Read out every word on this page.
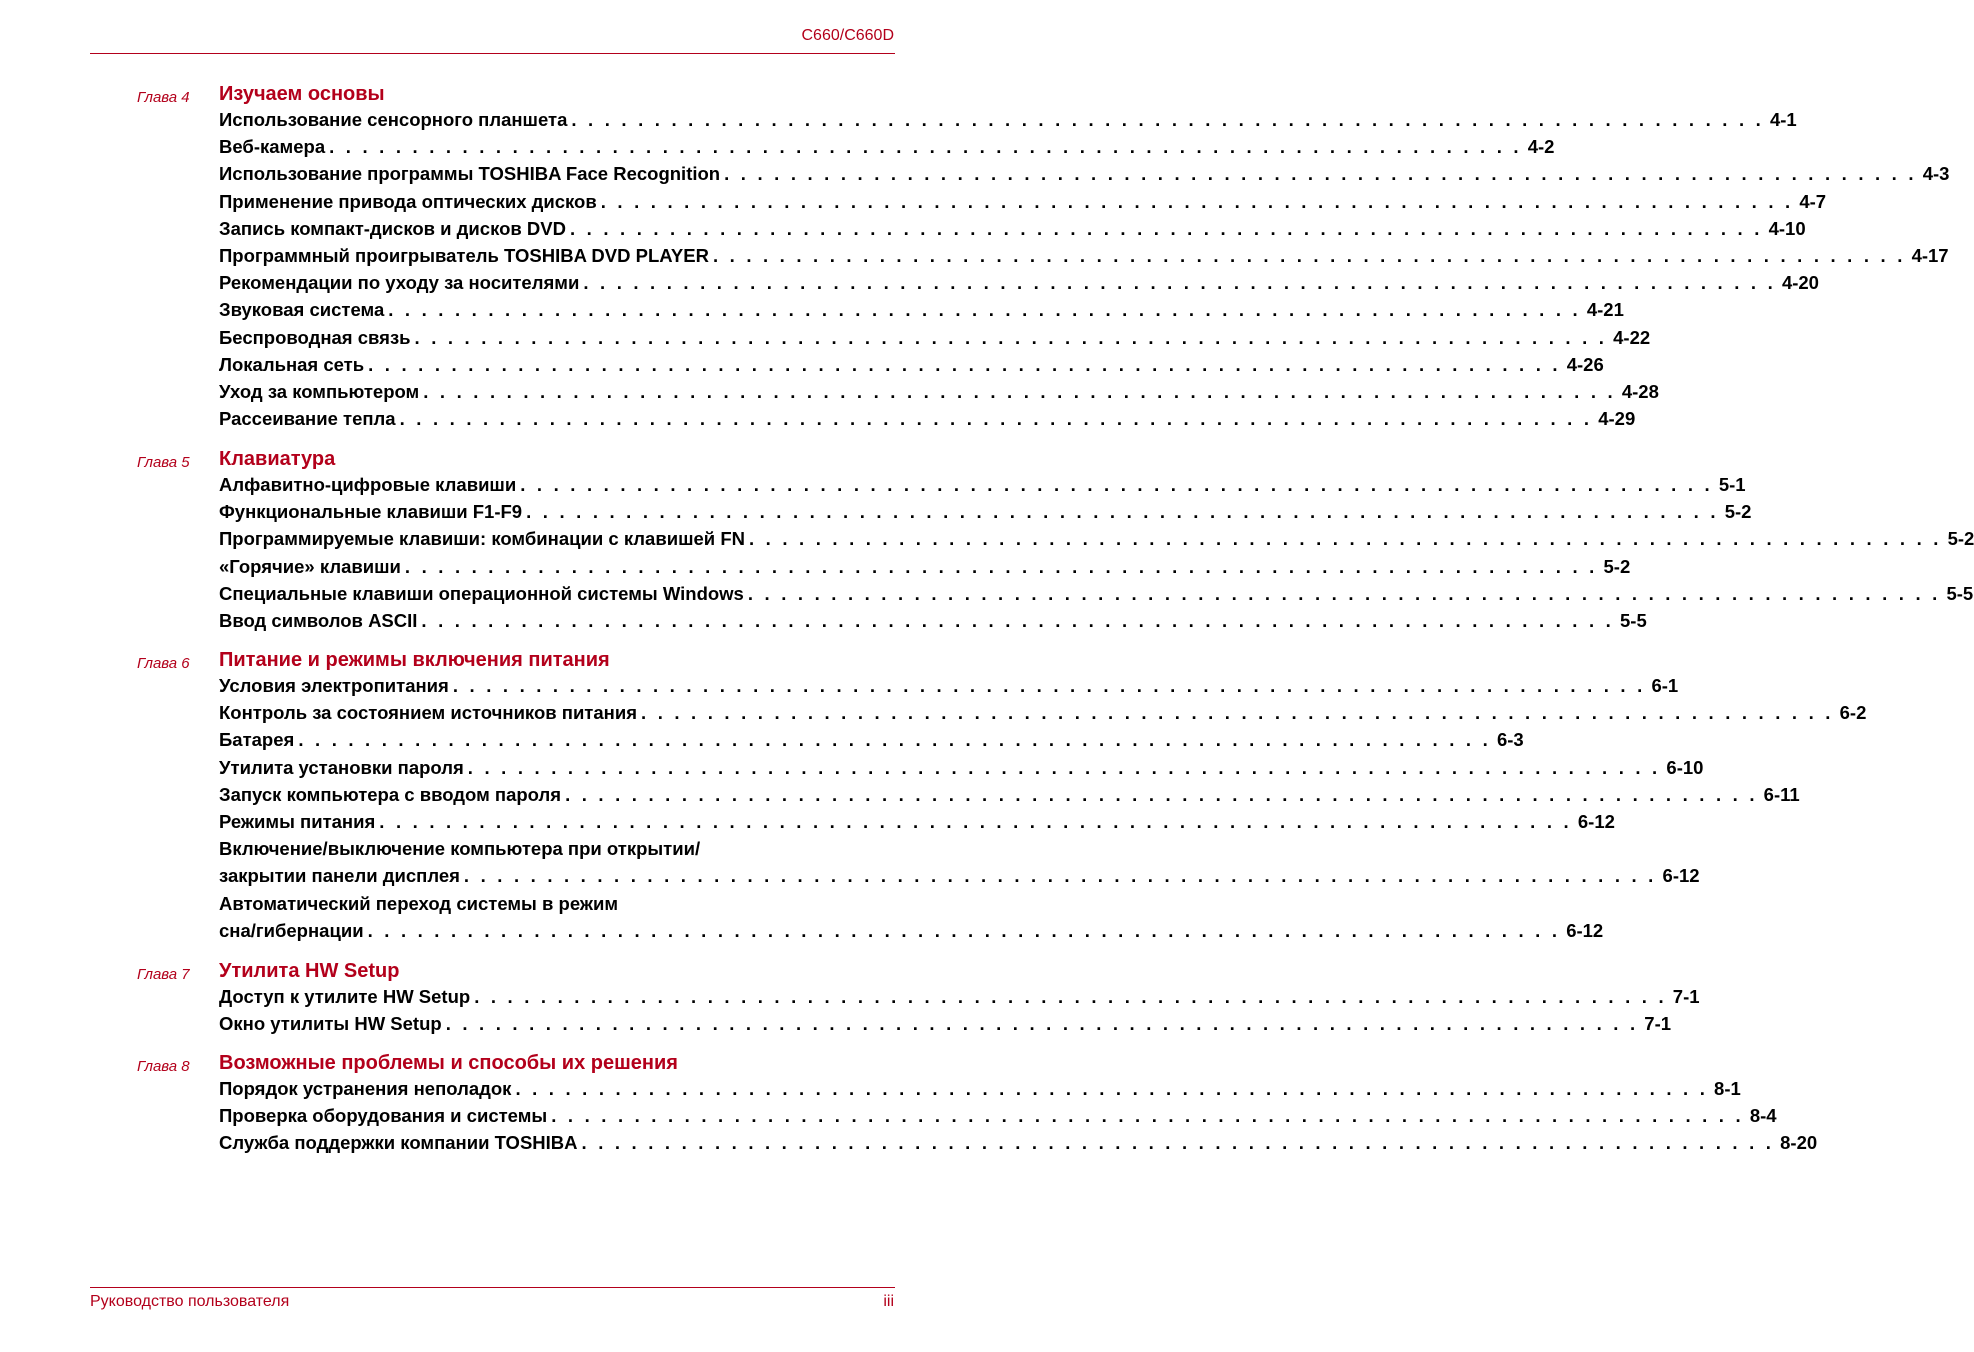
C660/C660D
Глава 4 Изучаем основы
Использование сенсорного планшета . . . . . . . . . . . . . . . . . . . . . . . . . . . . . . . . . . . . . . . . . . . . . . . . . . . . . . . . . . . . . . . . . . . . . . . . 4-1
Веб-камера . . . . . . . . . . . . . . . . . . . . . . . . . . . . . . . . . . . . . . . . . . . . . . . . . . . . . . . . . . . . . . . . . . . . . . . . 4-2
Использование программы TOSHIBA Face Recognition . . . . . . . . . . . . . . . . . . . . . . . . . . . . . . . . . . . . . . . . . . . . . . . . . . . . . . . . . . . . . . . . . . . . . . . . 4-3
Применение привода оптических дисков . . . . . . . . . . . . . . . . . . . . . . . . . . . . . . . . . . . . . . . . . . . . . . . . . . . . . . . . . . . . . . . . . . . . . . . . 4-7
Запись компакт-дисков и дисков DVD . . . . . . . . . . . . . . . . . . . . . . . . . . . . . . . . . . . . . . . . . . . . . . . . . . . . . . . . . . . . . . . . . . . . . . . . 4-10
Программный проигрыватель TOSHIBA DVD PLAYER . . . . . . . . . . . . . . . . . . . . . . . . . . . . . . . . . . . . . . . . . . . . . . . . . . . . . . . . . . . . . . . . . . . . . . . . 4-17
Рекомендации по уходу за носителями . . . . . . . . . . . . . . . . . . . . . . . . . . . . . . . . . . . . . . . . . . . . . . . . . . . . . . . . . . . . . . . . . . . . . . . . 4-20
Звуковая система . . . . . . . . . . . . . . . . . . . . . . . . . . . . . . . . . . . . . . . . . . . . . . . . . . . . . . . . . . . . . . . . . . . . . . . . 4-21
Беспроводная связь . . . . . . . . . . . . . . . . . . . . . . . . . . . . . . . . . . . . . . . . . . . . . . . . . . . . . . . . . . . . . . . . . . . . . . . . 4-22
Локальная сеть . . . . . . . . . . . . . . . . . . . . . . . . . . . . . . . . . . . . . . . . . . . . . . . . . . . . . . . . . . . . . . . . . . . . . . . . 4-26
Уход за компьютером . . . . . . . . . . . . . . . . . . . . . . . . . . . . . . . . . . . . . . . . . . . . . . . . . . . . . . . . . . . . . . . . . . . . . . . . 4-28
Рассеивание тепла . . . . . . . . . . . . . . . . . . . . . . . . . . . . . . . . . . . . . . . . . . . . . . . . . . . . . . . . . . . . . . . . . . . . . . . . 4-29
Глава 5 Клавиатура
Алфавитно-цифровые клавиши . . . . . . . . . . . . . . . . . . . . . . . . . . . . . . . . . . . . . . . . . . . . . . . . . . . . . . . . . . . . . . . . . . . . . . . . 5-1
Функциональные клавиши F1-F9 . . . . . . . . . . . . . . . . . . . . . . . . . . . . . . . . . . . . . . . . . . . . . . . . . . . . . . . . . . . . . . . . . . . . . . . . 5-2
Программируемые клавиши: комбинации с клавишей FN . . . . . . . . . . . . . . . . . . . . . . . . . . . . . . . . . . . . . . . . . . . . . . . . . . . . . . . . . . . . . . . . . . . . . . . . 5-2
«Горячие» клавиши . . . . . . . . . . . . . . . . . . . . . . . . . . . . . . . . . . . . . . . . . . . . . . . . . . . . . . . . . . . . . . . . . . . . . . . . 5-2
Специальные клавиши операционной системы Windows . . . . . . . . . . . . . . . . . . . . . . . . . . . . . . . . . . . . . . . . . . . . . . . . . . . . . . . . . . . . . . . . . . . . . . . . 5-5
Ввод символов ASCII . . . . . . . . . . . . . . . . . . . . . . . . . . . . . . . . . . . . . . . . . . . . . . . . . . . . . . . . . . . . . . . . . . . . . . . . 5-5
Глава 6 Питание и режимы включения питания
Условия электропитания . . . . . . . . . . . . . . . . . . . . . . . . . . . . . . . . . . . . . . . . . . . . . . . . . . . . . . . . . . . . . . . . . . . . . . . . 6-1
Контроль за состоянием источников питания . . . . . . . . . . . . . . . . . . . . . . . . . . . . . . . . . . . . . . . . . . . . . . . . . . . . . . . . . . . . . . . . . . . . . . . . 6-2
Батарея . . . . . . . . . . . . . . . . . . . . . . . . . . . . . . . . . . . . . . . . . . . . . . . . . . . . . . . . . . . . . . . . . . . . . . . . 6-3
Утилита установки пароля . . . . . . . . . . . . . . . . . . . . . . . . . . . . . . . . . . . . . . . . . . . . . . . . . . . . . . . . . . . . . . . . . . . . . . . . 6-10
Запуск компьютера с вводом пароля . . . . . . . . . . . . . . . . . . . . . . . . . . . . . . . . . . . . . . . . . . . . . . . . . . . . . . . . . . . . . . . . . . . . . . . . 6-11
Режимы питания . . . . . . . . . . . . . . . . . . . . . . . . . . . . . . . . . . . . . . . . . . . . . . . . . . . . . . . . . . . . . . . . . . . . . . . . 6-12
Включение/выключение компьютера при открытии/
закрытии панели дисплея . . . . . . . . . . . . . . . . . . . . . . . . . . . . . . . . . . . . . . . . . . . . . . . . . . . . . . . . . . . . . . . . . . . . . . . . 6-12
Автоматический переход системы в режим
сна/гибернации . . . . . . . . . . . . . . . . . . . . . . . . . . . . . . . . . . . . . . . . . . . . . . . . . . . . . . . . . . . . . . . . . . . . . . . . 6-12
Глава 7 Утилита HW Setup
Доступ к утилите HW Setup . . . . . . . . . . . . . . . . . . . . . . . . . . . . . . . . . . . . . . . . . . . . . . . . . . . . . . . . . . . . . . . . . . . . . . . . 7-1
Окно утилиты HW Setup . . . . . . . . . . . . . . . . . . . . . . . . . . . . . . . . . . . . . . . . . . . . . . . . . . . . . . . . . . . . . . . . . . . . . . . . 7-1
Глава 8 Возможные проблемы и способы их решения
Порядок устранения неполадок . . . . . . . . . . . . . . . . . . . . . . . . . . . . . . . . . . . . . . . . . . . . . . . . . . . . . . . . . . . . . . . . . . . . . . . . 8-1
Проверка оборудования и системы . . . . . . . . . . . . . . . . . . . . . . . . . . . . . . . . . . . . . . . . . . . . . . . . . . . . . . . . . . . . . . . . . . . . . . . . 8-4
Служба поддержки компании TOSHIBA . . . . . . . . . . . . . . . . . . . . . . . . . . . . . . . . . . . . . . . . . . . . . . . . . . . . . . . . . . . . . . . . . . . . . . . . 8-20
Руководство пользователя	iii
